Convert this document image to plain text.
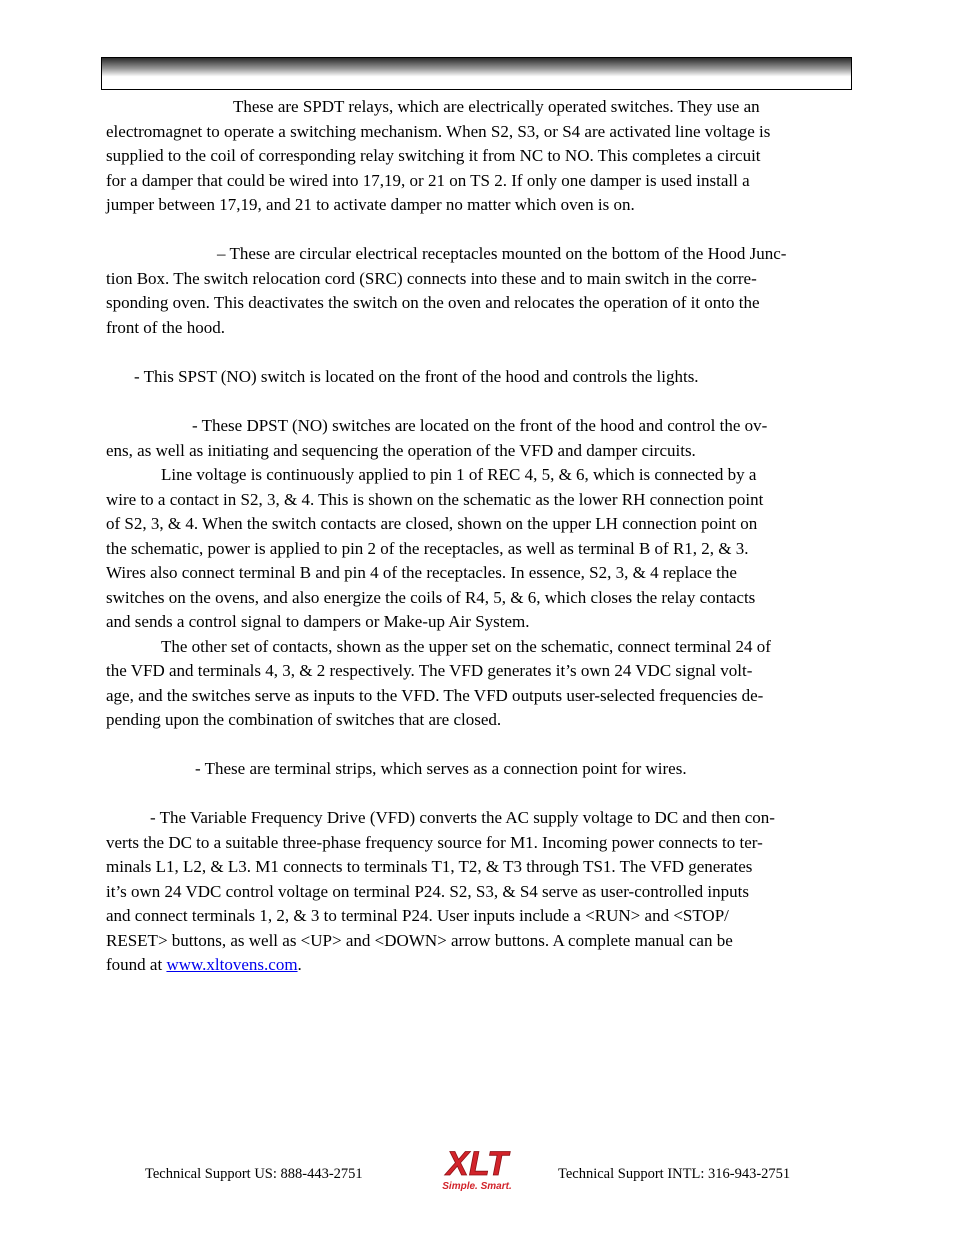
These are SPDT relays, which are electrically operated switches. They use an
electromagnet to operate a switching mechanism. When S2, S3, or S4 are activated line voltage is
supplied to the coil of corresponding relay switching it from NC to NO. This completes a circuit
for a damper that could be wired into 17,19, or 21 on TS 2. If only one damper is used install a
jumper between 17,19, and 21 to activate damper no matter which oven is on.
– These are circular electrical receptacles mounted on the bottom of the Hood Junc-
tion Box. The switch relocation cord (SRC) connects into these and to main switch in the corre-
sponding oven. This deactivates the switch on the oven and relocates the operation of it onto the
front of the hood.
- This SPST (NO) switch is located on the front of the hood and controls the lights.
- These DPST (NO) switches are located on the front of the hood and control the ov-
ens, as well as initiating and sequencing the operation of the VFD and damper circuits.
Line voltage is continuously applied to pin 1 of REC 4, 5, & 6, which is connected by a
wire to a contact in S2, 3, & 4. This is shown on the schematic as the lower RH connection point
of S2, 3, & 4. When the switch contacts are closed, shown on the upper LH connection point on
the schematic, power is applied to pin 2 of the receptacles, as well as terminal B of R1, 2, & 3.
Wires also connect terminal B and pin 4 of the receptacles. In essence, S2, 3, & 4 replace the
switches on the ovens, and also energize the coils of R4, 5, & 6, which closes the relay contacts
and sends a control signal to dampers or Make-up Air System.
The other set of contacts, shown as the upper set on the schematic, connect terminal 24 of
the VFD and terminals 4, 3, & 2 respectively. The VFD generates it’s own 24 VDC signal volt-
age, and the switches serve as inputs to the VFD. The VFD outputs user-selected frequencies de-
pending upon the combination of switches that are closed.
- These are terminal strips, which serves as a connection point for wires.
- The Variable Frequency Drive (VFD) converts the AC supply voltage to DC and then con-
verts the DC to a suitable three-phase frequency source for M1. Incoming power connects to ter-
minals L1, L2, & L3. M1 connects to terminals T1, T2, & T3 through TS1. The VFD generates
it’s own 24 VDC control voltage on terminal P24. S2, S3, & S4 serve as user-controlled inputs
and connect terminals 1, 2, & 3 to terminal P24. User inputs include a <RUN> and <STOP/
RESET> buttons, as well as <UP> and <DOWN> arrow buttons. A complete manual can be
found at www.xltovens.com.
Technical Support US: 888-443-2751 XLT
Simple. Smart.
Technical Support INTL: 316-943-2751
